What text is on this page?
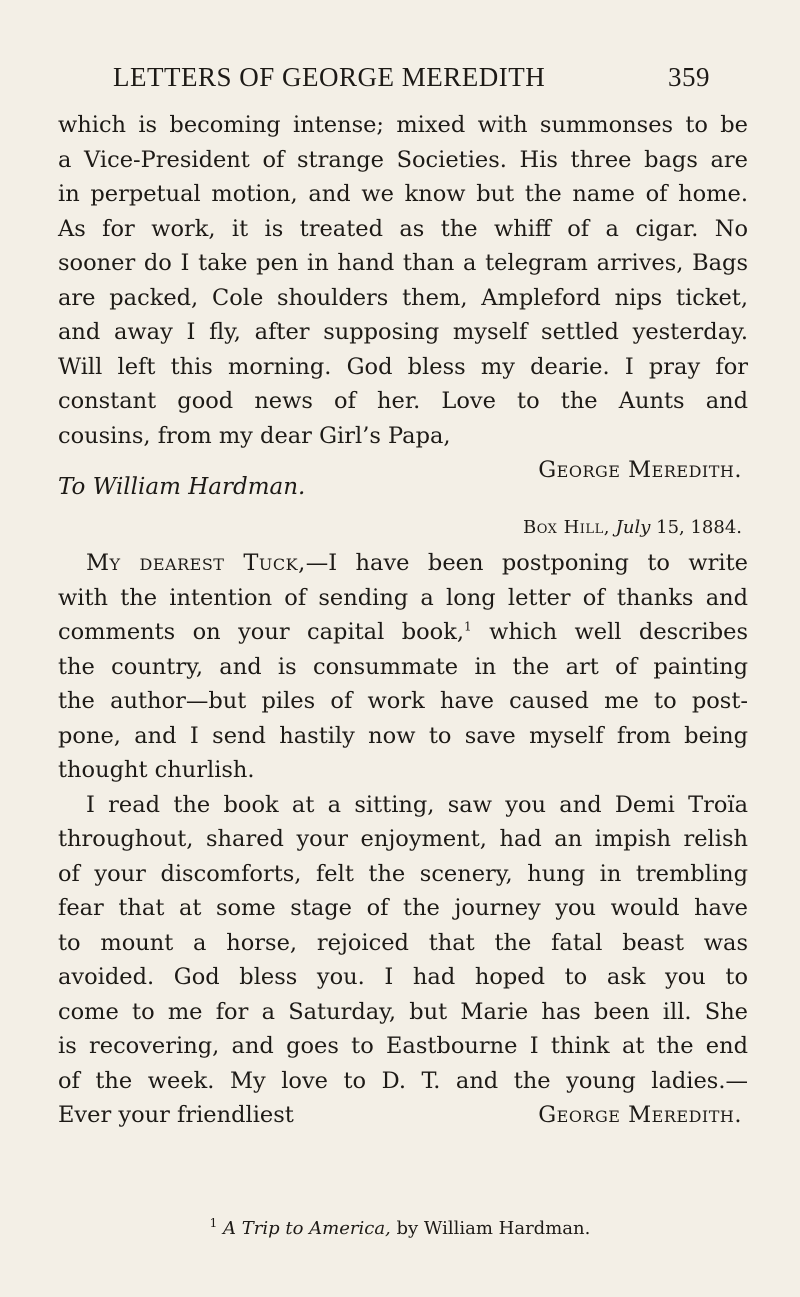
LETTERS OF GEORGE MEREDITH	359
which is becoming intense; mixed with summonses to be
a Vice-President of strange Societies. His three bags are
in perpetual motion, and we know but the name of home.
As for work, it is treated as the whiff of a cigar. No
sooner do I take pen in hand than a telegram arrives, Bags
are packed, Cole shoulders them, Ampleford nips ticket,
and away I fly, after supposing myself settled yesterday.
Will left this morning. God bless my dearie. I pray for
constant good news of her. Love to the Aunts and
cousins, from my dear Girl’s Papa,
George Meredith.
To William Hardman.
Box Hill, July 15, 1884.
My dearest Tuck,—I have been postponing to write
with the intention of sending a long letter of thanks and
comments on your capital book,$^1$ which well describes
the country, and is consummate in the art of painting
the author—but piles of work have caused me to post-
pone, and I send hastily now to save myself from being
thought churlish.
I read the book at a sitting, saw you and Demi Troïa
throughout, shared your enjoyment, had an impish relish
of your discomforts, felt the scenery, hung in trembling
fear that at some stage of the journey you would have
to mount a horse, rejoiced that the fatal beast was
avoided. God bless you. I had hoped to ask you to
come to me for a Saturday, but Marie has been ill. She
is recovering, and goes to Eastbourne I think at the end
of the week. My love to D. T. and the young ladies.—
Ever your friendliest	George Meredith.
$^1$ A Trip to America, by William Hardman.
